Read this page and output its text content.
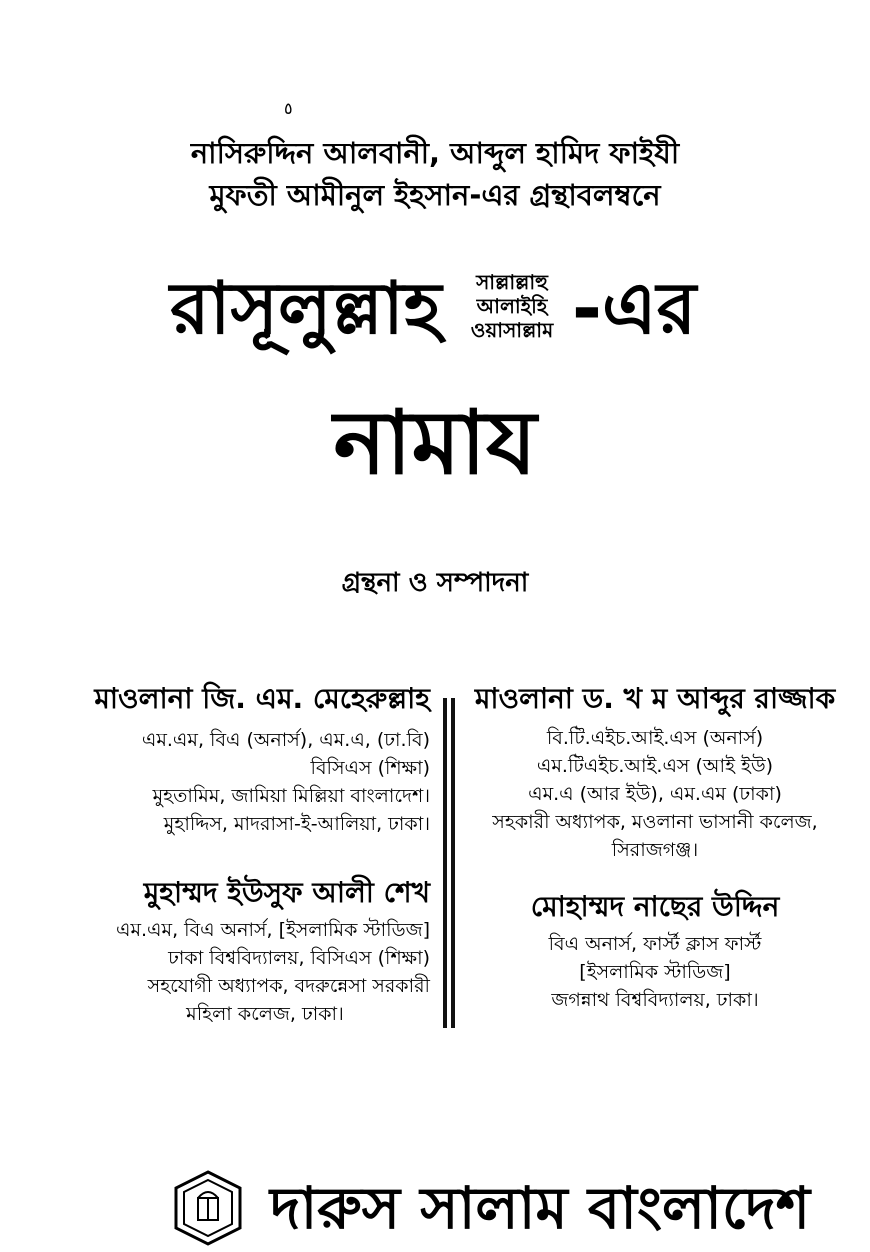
٥
নাসিরুদ্দিন আলবানী, আব্দুল হামিদ ফাইযী
মুফতী আমীনুল ইহসান-এর গ্রন্থাবলম্বনে
রাসূলুল্লাহ	সাল্লাল্লাহু
আলাইহি
ওয়াসাল্লাম -এর
নামায
গ্রন্থনা ও সম্পাদনা
মাওলানা জি. এম. মেহেরুল্লাহ
এম.এম, বিএ (অনার্স), এম.এ, (ঢা.বি)
বিসিএস (শিক্ষা)
মুহতামিম, জামিয়া মিল্লিয়া বাংলাদেশ।
মুহাদ্দিস, মাদরাসা-ই-আলিয়া, ঢাকা।
মুহাম্মদ ইউসুফ আলী শেখ
এম.এম, বিএ অনার্স, [ইসলামিক স্টাডিজ]
ঢাকা বিশ্ববিদ্যালয়, বিসিএস (শিক্ষা)
সহযোগী অধ্যাপক, বদরুন্নেসা সরকারী
মহিলা কলেজ, ঢাকা।
মাওলানা ড. খ ম আব্দুর রাজ্জাক
বি.টি.এইচ.আই.এস (অনার্স)
এম.টিএইচ.আই.এস (আই ইউ)
এম.এ (আর ইউ), এম.এম (ঢাকা)
সহকারী অধ্যাপক, মওলানা ভাসানী কলেজ,
সিরাজগঞ্জ।
মোহাম্মদ নাছের উদ্দিন
বিএ অনার্স, ফার্স্ট ক্লাস ফার্স্ট
[ইসলামিক স্টাডিজ]
জগন্নাথ বিশ্ববিদ্যালয়, ঢাকা।
দারুস সালাম বাংলাদেশ
